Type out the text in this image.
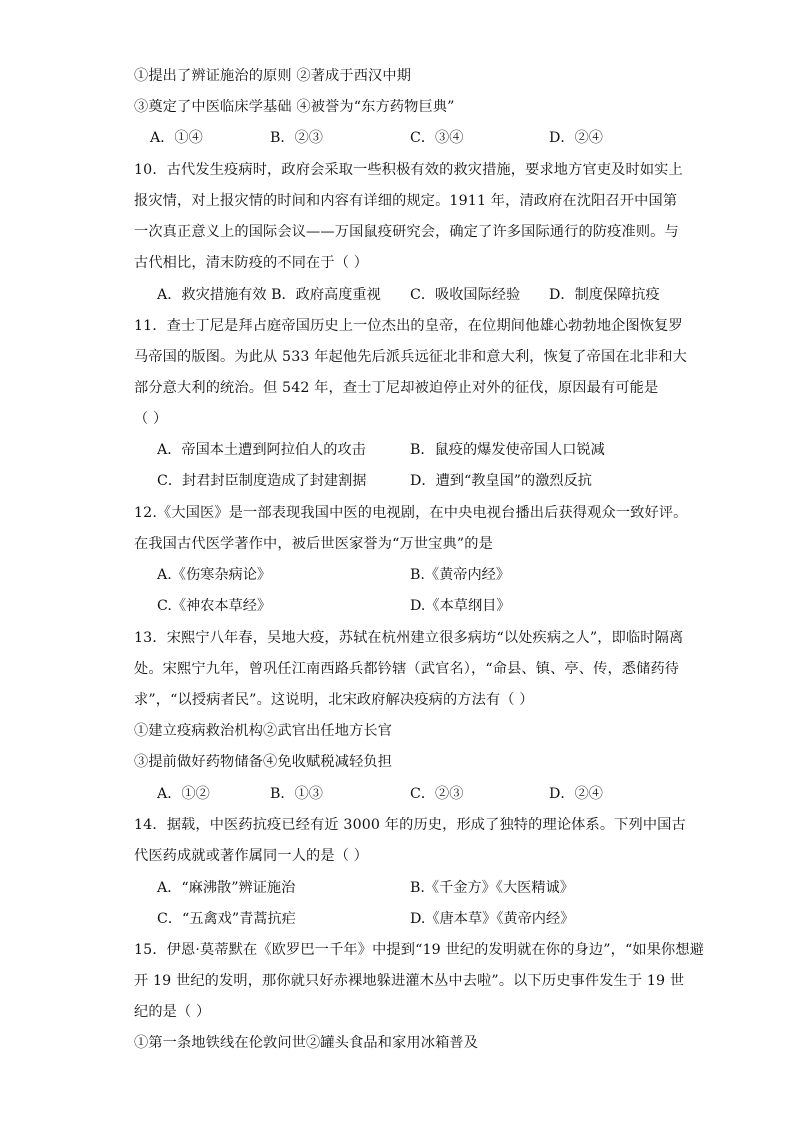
①提出了辨证施治的原则 ②著成于西汉中期
③奠定了中医临床学基础 ④被誉为“东方药物巨典”
A．①④	B．②③	C．③④	D．②④
10．古代发生疫病时，政府会采取一些积极有效的救灾措施，要求地方官吏及时如实上
报灾情，对上报灾情的时间和内容有详细的规定。1911 年，清政府在沈阳召开中国第
一次真正意义上的国际会议——万国鼠疫研究会，确定了许多国际通行的防疫准则。与
古代相比，清末防疫的不同在于（ ）
A．救灾措施有效 B．政府高度重视 C．吸收国际经验 D．制度保障抗疫
11．查士丁尼是拜占庭帝国历史上一位杰出的皇帝，在位期间他雄心勃勃地企图恢复罗
马帝国的版图。为此从 533 年起他先后派兵远征北非和意大利，恢复了帝国在北非和大
部分意大利的统治。但 542 年，查士丁尼却被迫停止对外的征伐，原因最有可能是
（ ）
A．帝国本土遭到阿拉伯人的攻击	B．鼠疫的爆发使帝国人口锐减
C．封君封臣制度造成了封建割据	D．遭到“教皇国”的激烈反抗
12.《大国医》是一部表现我国中医的电视剧，在中央电视台播出后获得观众一致好评。
在我国古代医学著作中，被后世医家誉为“万世宝典”的是
A.《伤寒杂病论》	B.《黄帝内经》
C.《神农本草经》	D.《本草纲目》
13．宋熙宁八年春，吴地大疫，苏轼在杭州建立很多病坊“以处疾病之人”，即临时隔离
处。宋熙宁九年，曾巩任江南西路兵都钤辖（武官名），“命县、镇、亭、传，悉储药待
求”，“以授病者民”。这说明，北宋政府解决疫病的方法有（ ）
①建立疫病救治机构②武官出任地方长官
③提前做好药物储备④免收赋税减轻负担
A．①②	B．①③	C．②③	D．②④
14．据载，中医药抗疫已经有近 3000 年的历史，形成了独特的理论体系。下列中国古
代医药成就或著作属同一人的是（ ）
A．“麻沸散”辨证施治	B.《千金方》《大医精诚》
C．“五禽戏”青蒿抗疟	D.《唐本草》《黄帝内经》
15．伊恩·莫蒂默在《欧罗巴一千年》中提到“19 世纪的发明就在你的身边”，“如果你想避
开 19 世纪的发明，那你就只好赤裸地躲进灌木丛中去啦”。以下历史事件发生于 19 世
纪的是（ ）
①第一条地铁线在伦敦问世②罐头食品和家用冰箱普及
